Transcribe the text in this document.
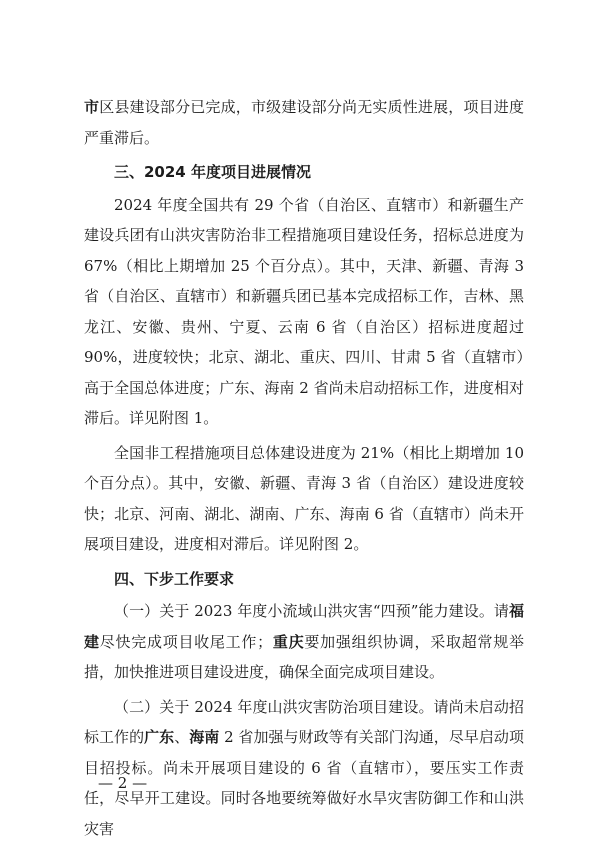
市区县建设部分已完成，市级建设部分尚无实质性进展，项目进度严重滞后。

三、2024 年度项目进展情况

2024 年度全国共有 29 个省（自治区、直辖市）和新疆生产建设兵团有山洪灾害防治非工程措施项目建设任务，招标总进度为 67%（相比上期增加 25 个百分点）。其中，天津、新疆、青海 3 省（自治区、直辖市）和新疆兵团已基本完成招标工作，吉林、黑龙江、安徽、贵州、宁夏、云南 6 省（自治区）招标进度超过 90%，进度较快；北京、湖北、重庆、四川、甘肃 5 省（直辖市）高于全国总体进度；广东、海南 2 省尚未启动招标工作，进度相对滞后。详见附图 1。

全国非工程措施项目总体建设进度为 21%（相比上期增加 10 个百分点）。其中，安徽、新疆、青海 3 省（自治区）建设进度较快；北京、河南、湖北、湖南、广东、海南 6 省（直辖市）尚未开展项目建设，进度相对滞后。详见附图 2。

四、下步工作要求

（一）关于 2023 年度小流域山洪灾害“四预”能力建设。请福建尽快完成项目收尾工作；重庆要加强组织协调，采取超常规举措，加快推进项目建设进度，确保全面完成项目建设。

（二）关于 2024 年度山洪灾害防治项目建设。请尚未启动招标工作的广东、海南 2 省加强与财政等有关部门沟通，尽早启动项目招投标。尚未开展项目建设的 6 省（直辖市），要压实工作责任，尽早开工建设。同时各地要统筹做好水旱灾害防御工作和山洪灾害

— 2 —
